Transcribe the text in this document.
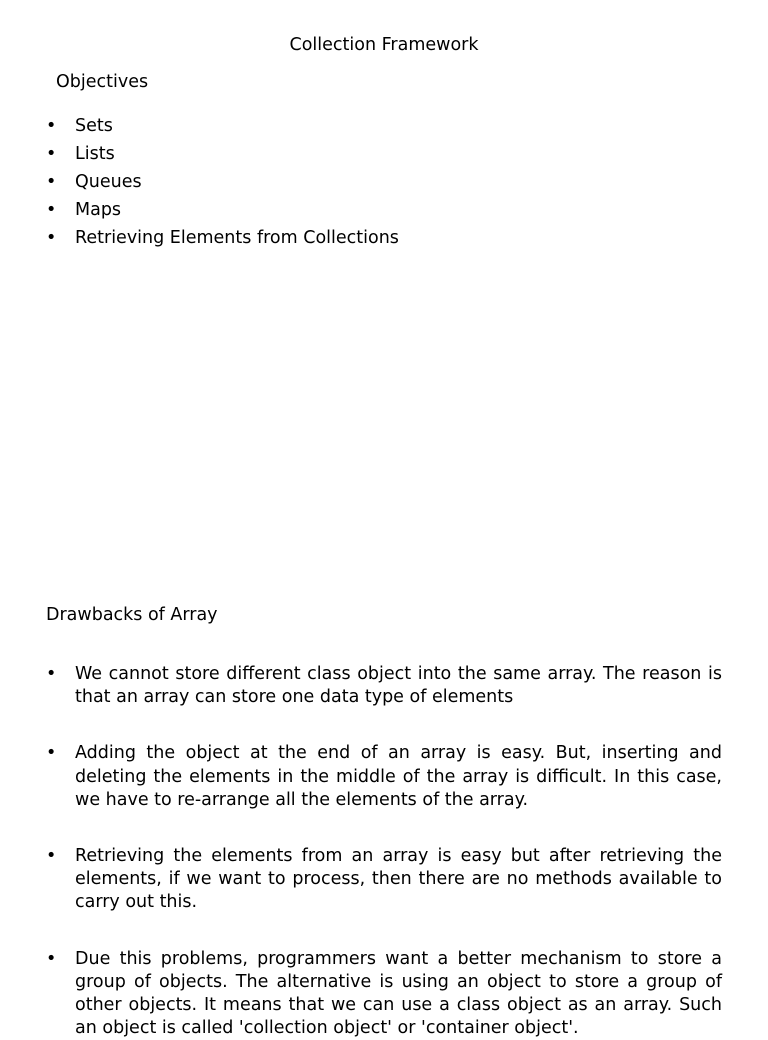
Collection Framework
Objectives
• Sets
• Lists
• Queues
• Maps
• Retrieving Elements from Collections
Drawbacks of Array
• We cannot store different class object into the same array. The reason is that an array can store one data type of elements
• Adding the object at the end of an array is easy. But, inserting and deleting the elements in the middle of the array is difficult. In this case, we have to re-arrange all the elements of the array.
• Retrieving the elements from an array is easy but after retrieving the elements, if we want to process, then there are no methods available to carry out this.
• Due this problems, programmers want a better mechanism to store a group of objects. The alternative is using an object to store a group of other objects. It means that we can use a class object as an array. Such an object is called 'collection object' or 'container object'.
